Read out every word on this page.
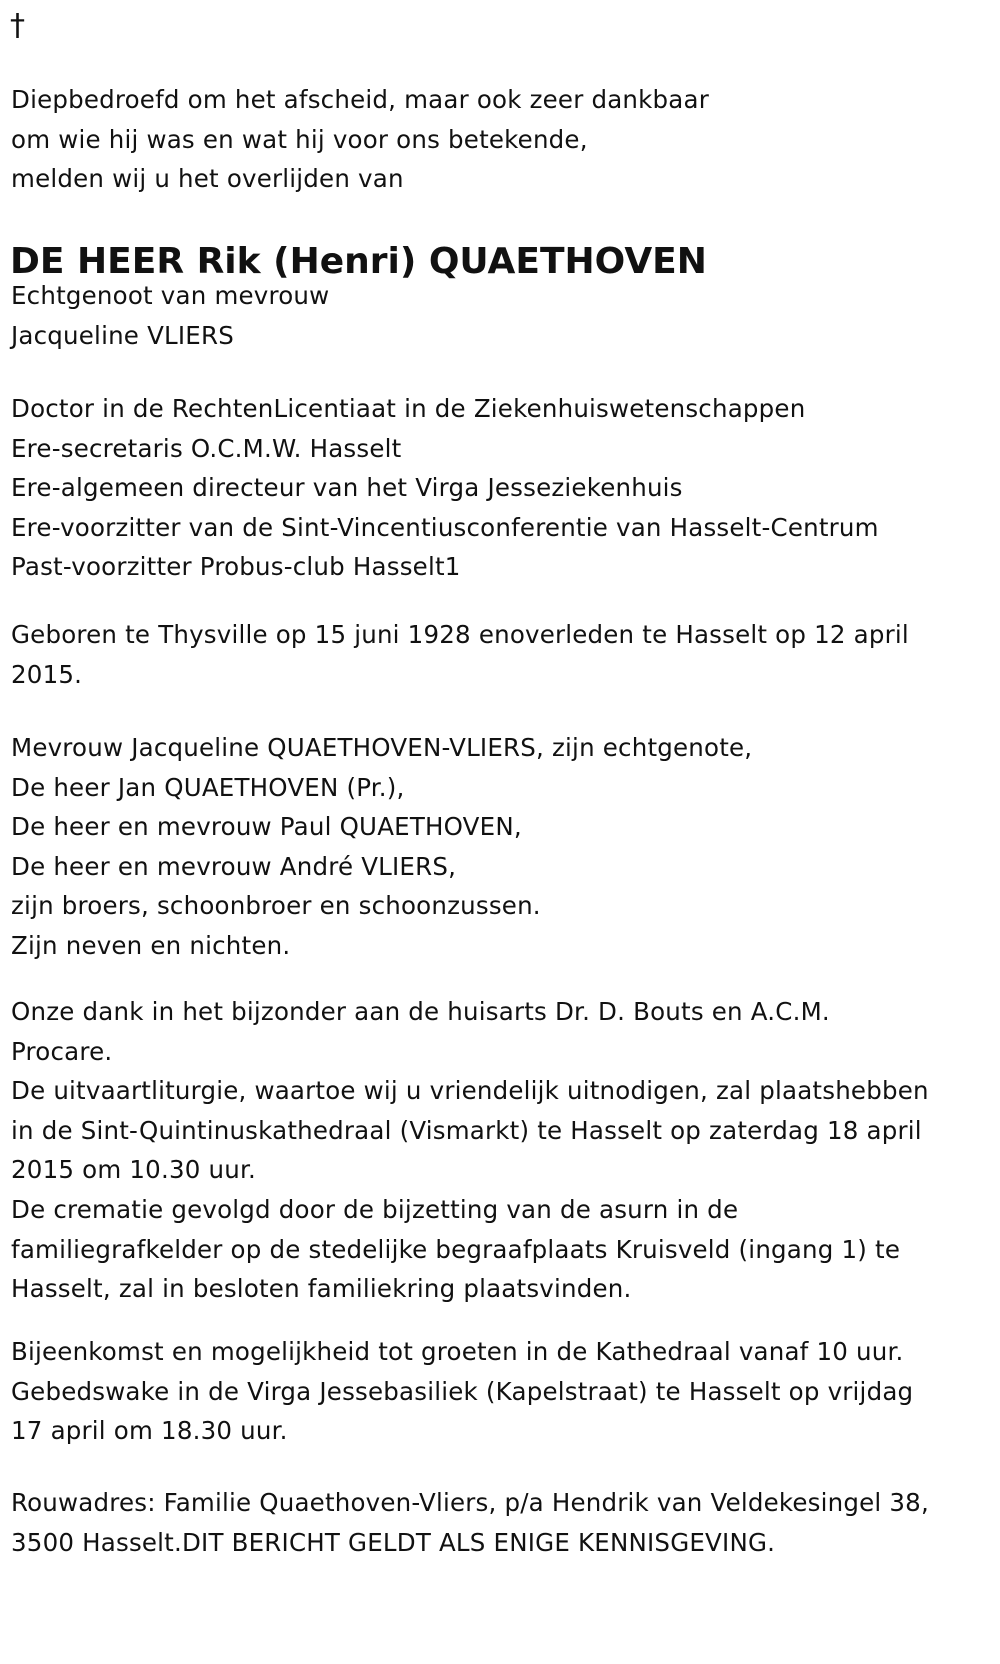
†
Diepbedroefd om het afscheid, maar ook zeer dankbaar
om wie hij was en wat hij voor ons betekende,
melden wij u het overlijden van
DE HEER Rik (Henri) QUAETHOVEN
Echtgenoot van mevrouw
Jacqueline VLIERS
Doctor in de RechtenLicentiaat in de Ziekenhuiswetenschappen
Ere-secretaris O.C.M.W. Hasselt
Ere-algemeen directeur van het Virga Jesseziekenhuis
Ere-voorzitter van de Sint-Vincentiusconferentie van Hasselt-Centrum
Past-voorzitter Probus-club Hasselt1
Geboren te Thysville op 15 juni 1928 enoverleden te Hasselt op 12 april
2015.
Mevrouw Jacqueline QUAETHOVEN-VLIERS, zijn echtgenote,
De heer Jan QUAETHOVEN (Pr.),
De heer en mevrouw Paul QUAETHOVEN,
De heer en mevrouw André VLIERS,
zijn broers, schoonbroer en schoonzussen.
Zijn neven en nichten.
Onze dank in het bijzonder aan de huisarts Dr. D. Bouts en A.C.M.
Procare.
De uitvaartliturgie, waartoe wij u vriendelijk uitnodigen, zal plaatshebben
in de Sint-Quintinuskathedraal (Vismarkt) te Hasselt op zaterdag 18 april
2015 om 10.30 uur.
De crematie gevolgd door de bijzetting van de asurn in de
familiegrafkelder op de stedelijke begraafplaats Kruisveld (ingang 1) te
Hasselt, zal in besloten familiekring plaatsvinden.
Bijeenkomst en mogelijkheid tot groeten in de Kathedraal vanaf 10 uur.
Gebedswake in de Virga Jessebasiliek (Kapelstraat) te Hasselt op vrijdag
17 april om 18.30 uur.
Rouwadres: Familie Quaethoven-Vliers, p/a Hendrik van Veldekesingel 38,
3500 Hasselt.DIT BERICHT GELDT ALS ENIGE KENNISGEVING.
